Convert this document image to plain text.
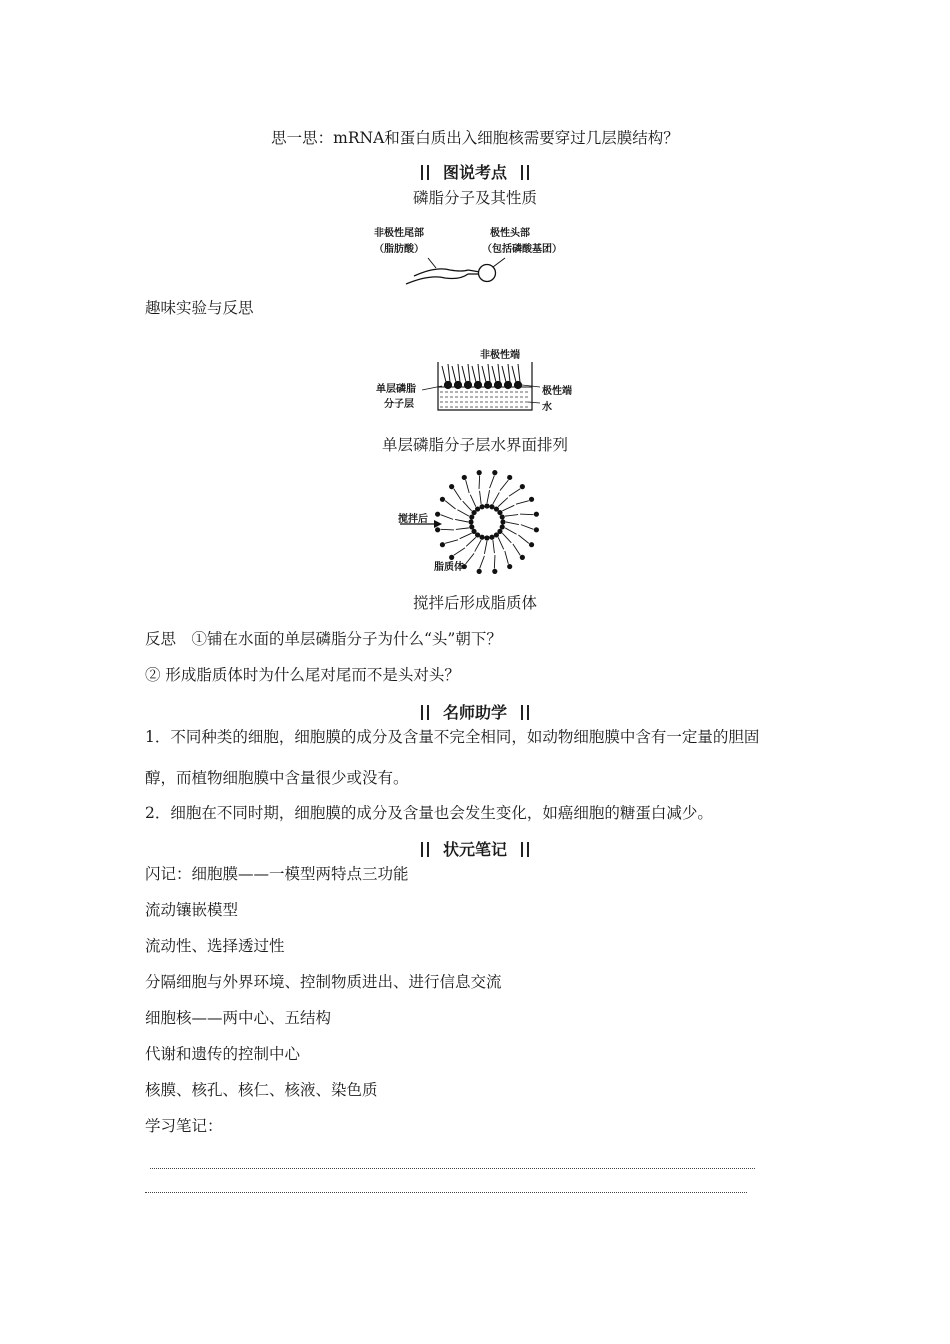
思一思：mRNA和蛋白质出入细胞核需要穿过几层膜结构？
图说考点
磷脂分子及其性质
非极性尾部
（脂肪酸）
极性头部
（包括磷酸基团）
趣味实验与反思
非极性端
单层磷脂
分子层
极性端
水
单层磷脂分子层水界面排列
搅拌后
脂质体
搅拌后形成脂质体
反思　①铺在水面的单层磷脂分子为什么“头”朝下？
② 形成脂质体时为什么尾对尾而不是头对头？
名师助学
1．不同种类的细胞，细胞膜的成分及含量不完全相同，如动物细胞膜中含有一定量的胆固
醇，而植物细胞膜中含量很少或没有。
2．细胞在不同时期，细胞膜的成分及含量也会发生变化，如癌细胞的糖蛋白减少。
状元笔记
闪记：细胞膜——一模型两特点三功能
流动镶嵌模型
流动性、选择透过性
分隔细胞与外界环境、控制物质进出、进行信息交流
细胞核——两中心、五结构
代谢和遗传的控制中心
核膜、核孔、核仁、核液、染色质
学习笔记：
